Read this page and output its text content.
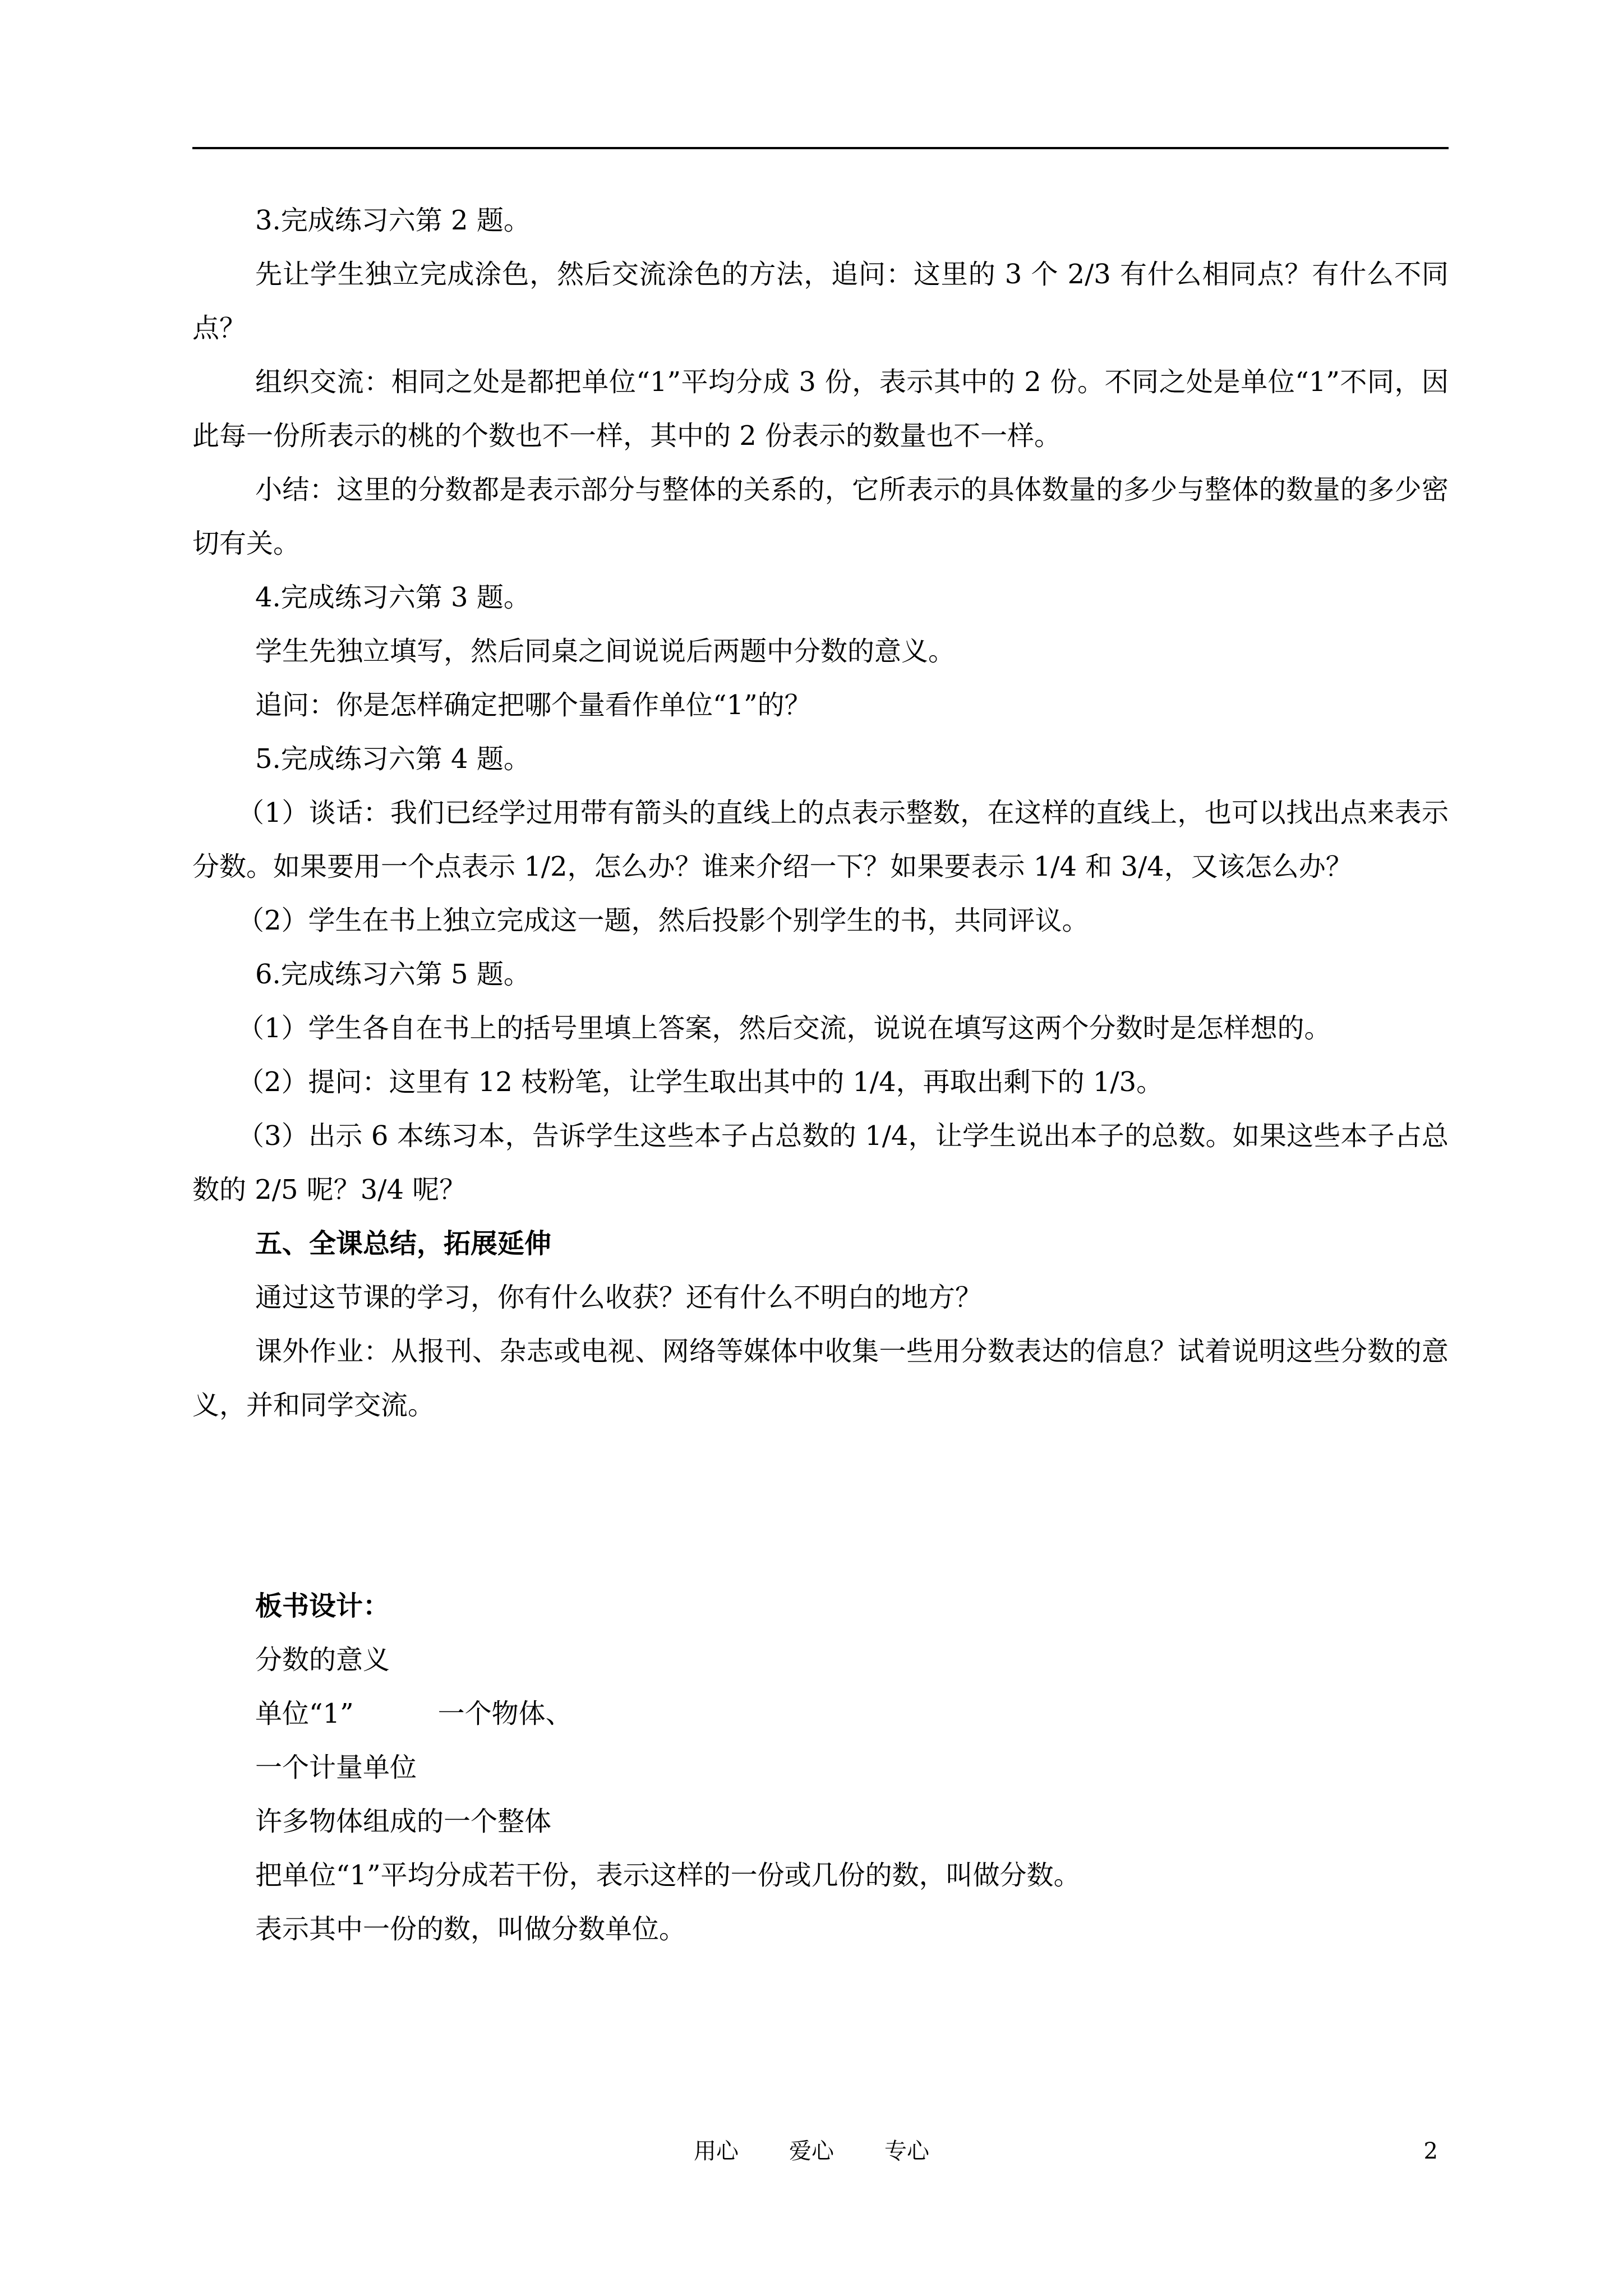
3.完成练习六第 2 题。

先让学生独立完成涂色，然后交流涂色的方法，追问：这里的 3 个 2/3 有什么相同点？有什么不同点？

组织交流：相同之处是都把单位“1”平均分成 3 份，表示其中的 2 份。不同之处是单位“1”不同，因此每一份所表示的桃的个数也不一样，其中的 2 份表示的数量也不一样。

小结：这里的分数都是表示部分与整体的关系的，它所表示的具体数量的多少与整体的数量的多少密切有关。

4.完成练习六第 3 题。

学生先独立填写，然后同桌之间说说后两题中分数的意义。

追问：你是怎样确定把哪个量看作单位“1”的？

5.完成练习六第 4 题。

（1）谈话：我们已经学过用带有箭头的直线上的点表示整数，在这样的直线上，也可以找出点来表示分数。如果要用一个点表示 1/2，怎么办？谁来介绍一下？如果要表示 1/4 和 3/4，又该怎么办？

（2）学生在书上独立完成这一题，然后投影个别学生的书，共同评议。

6.完成练习六第 5 题。

（1）学生各自在书上的括号里填上答案，然后交流，说说在填写这两个分数时是怎样想的。

（2）提问：这里有 12 枝粉笔，让学生取出其中的 1/4，再取出剩下的 1/3。

（3）出示 6 本练习本，告诉学生这些本子占总数的 1/4，让学生说出本子的总数。如果这些本子占总数的 2/5 呢？3/4 呢？

五、全课总结，拓展延伸

通过这节课的学习，你有什么收获？还有什么不明白的地方？

课外作业：从报刊、杂志或电视、网络等媒体中收集一些用分数表达的信息？试着说明这些分数的意义，并和同学交流。

板书设计：

分数的意义

单位“1”	一个物体、

一个计量单位

许多物体组成的一个整体

把单位“1”平均分成若干份，表示这样的一份或几份的数，叫做分数。

表示其中一份的数，叫做分数单位。

用心 爱心 专心	2
